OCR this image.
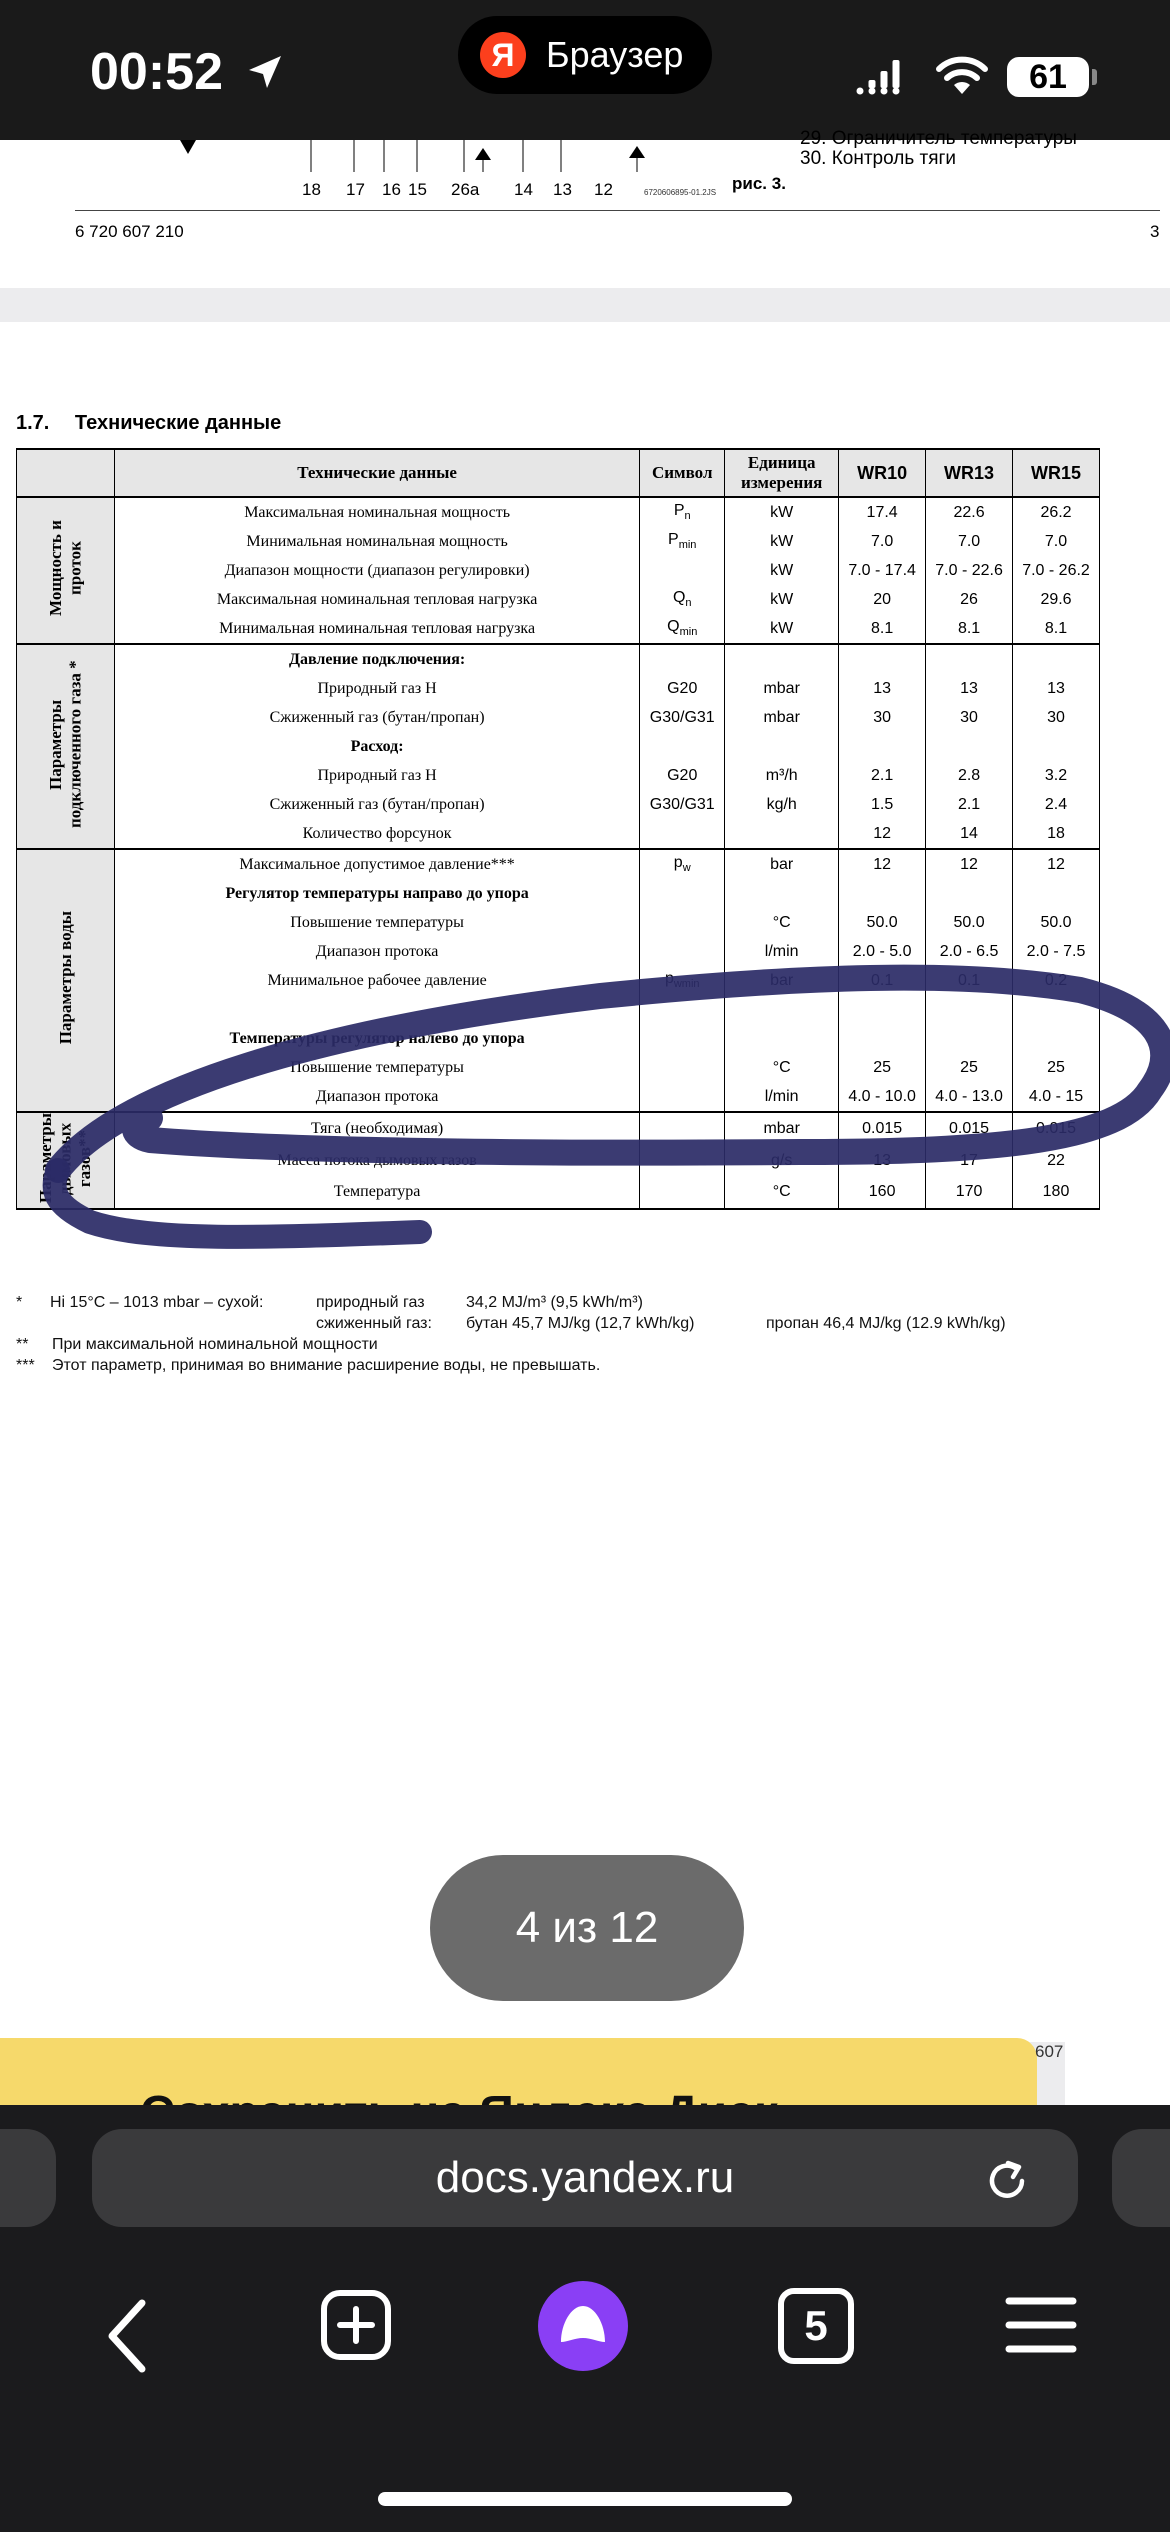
00:52	Я Браузер
61
18 17 16 15 26a 14 13 12	6720606895-01.2JS рис. 3.
29. Ограничитель температуры
30. Контроль тяги
6 720 607 210	3
1.7. Технические данные
	Технические данные	Символ	Единица измерения	WR10	WR13	WR15
Мощность и проток	Максимальная номинальная мощность	$P_n$	kW	17.4	22.6	26.2
	Минимальная номинальная мощность	$P_{min}$	kW	7.0	7.0	7.0
	Диапазон мощности (диапазон регулировки)		kW	7.0 - 17.4	7.0 - 22.6	7.0 - 26.2
	Максимальная номинальная тепловая нагрузка	$Q_n$	kW	20	26	29.6
	Минимальная номинальная тепловая нагрузка	$Q_{min}$	kW	8.1	8.1	8.1
Параметры подключенного газа *	Давление подключения:					
	Природный газ H	G20	mbar	13	13	13
	Сжиженный газ (бутан/пропан)	G30/G31	mbar	30	30	30
	Расход:					
	Природный газ H	G20	m³/h	2.1	2.8	3.2
	Сжиженный газ (бутан/пропан)	G30/G31	kg/h	1.5	2.1	2.4
	Количество форсунок			12	14	18
Параметры воды	Максимальное допустимое давление***	$p_w$	bar	12	12	12
	Регулятор температуры направо до упора					
	Повышение температуры		°C	50.0	50.0	50.0
	Диапазон протока		l/min	2.0 - 5.0	2.0 - 6.5	2.0 - 7.5
	Минимальное рабочее давление	$p_{wmin}$	bar	0.1	0.1	0.2

	Температуры регулятор налево до упора					
	Повышение температуры		°C	25	25	25
	Диапазон протока		l/min	4.0 - 10.0	4.0 - 13.0	4.0 - 15
Параметры дымовых газов**	Тяга (необходимая)		mbar	0.015	0.015	0.015
	Масса потока дымовых газов		g/s	13	17	22
	Температура		°C	160	170	180
* Hi 15°C – 1013 mbar – сухой:	природный газ	34,2 MJ/m³ (9,5 kWh/m³)
сжиженный газ: бутан 45,7 MJ/kg (12,7 kWh/kg)	пропан 46,4 MJ/kg (12.9 kWh/kg)
** При максимальной номинальной мощности
*** Этот параметр, принимая во внимание расширение воды, не превышать.
4 из 12
607
docs.yandex.ru
5
